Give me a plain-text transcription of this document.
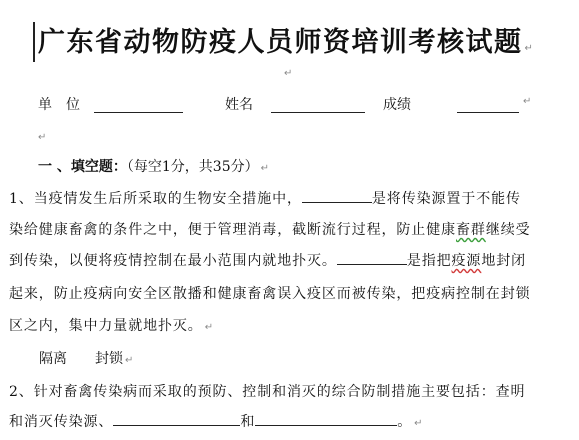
广东省动物防疫人员师资培训考核试题 ↵
↵
单　位	姓名	成绩	↵
↵
一 、填空题：（每空1分，共35分） ↵
1、当疫情发生后所采取的生物安全措施中，	是将传染源置于不能传
染给健康畜禽的条件之中，便于管理消毒，截断流行过程，防止健康畜群继续受
到传染，以便将疫情控制在最小范围内就地扑灭。	是指把疫源地封闭
起来，防止疫病向安全区散播和健康畜禽误入疫区而被传染，把疫病控制在封锁
区之内，集中力量就地扑灭。 ↵
隔离　　封锁 ↵
2、针对畜禽传染病而采取的预防、控制和消灭的综合防制措施主要包括：查明
和消灭传染源、	和	。 ↵
